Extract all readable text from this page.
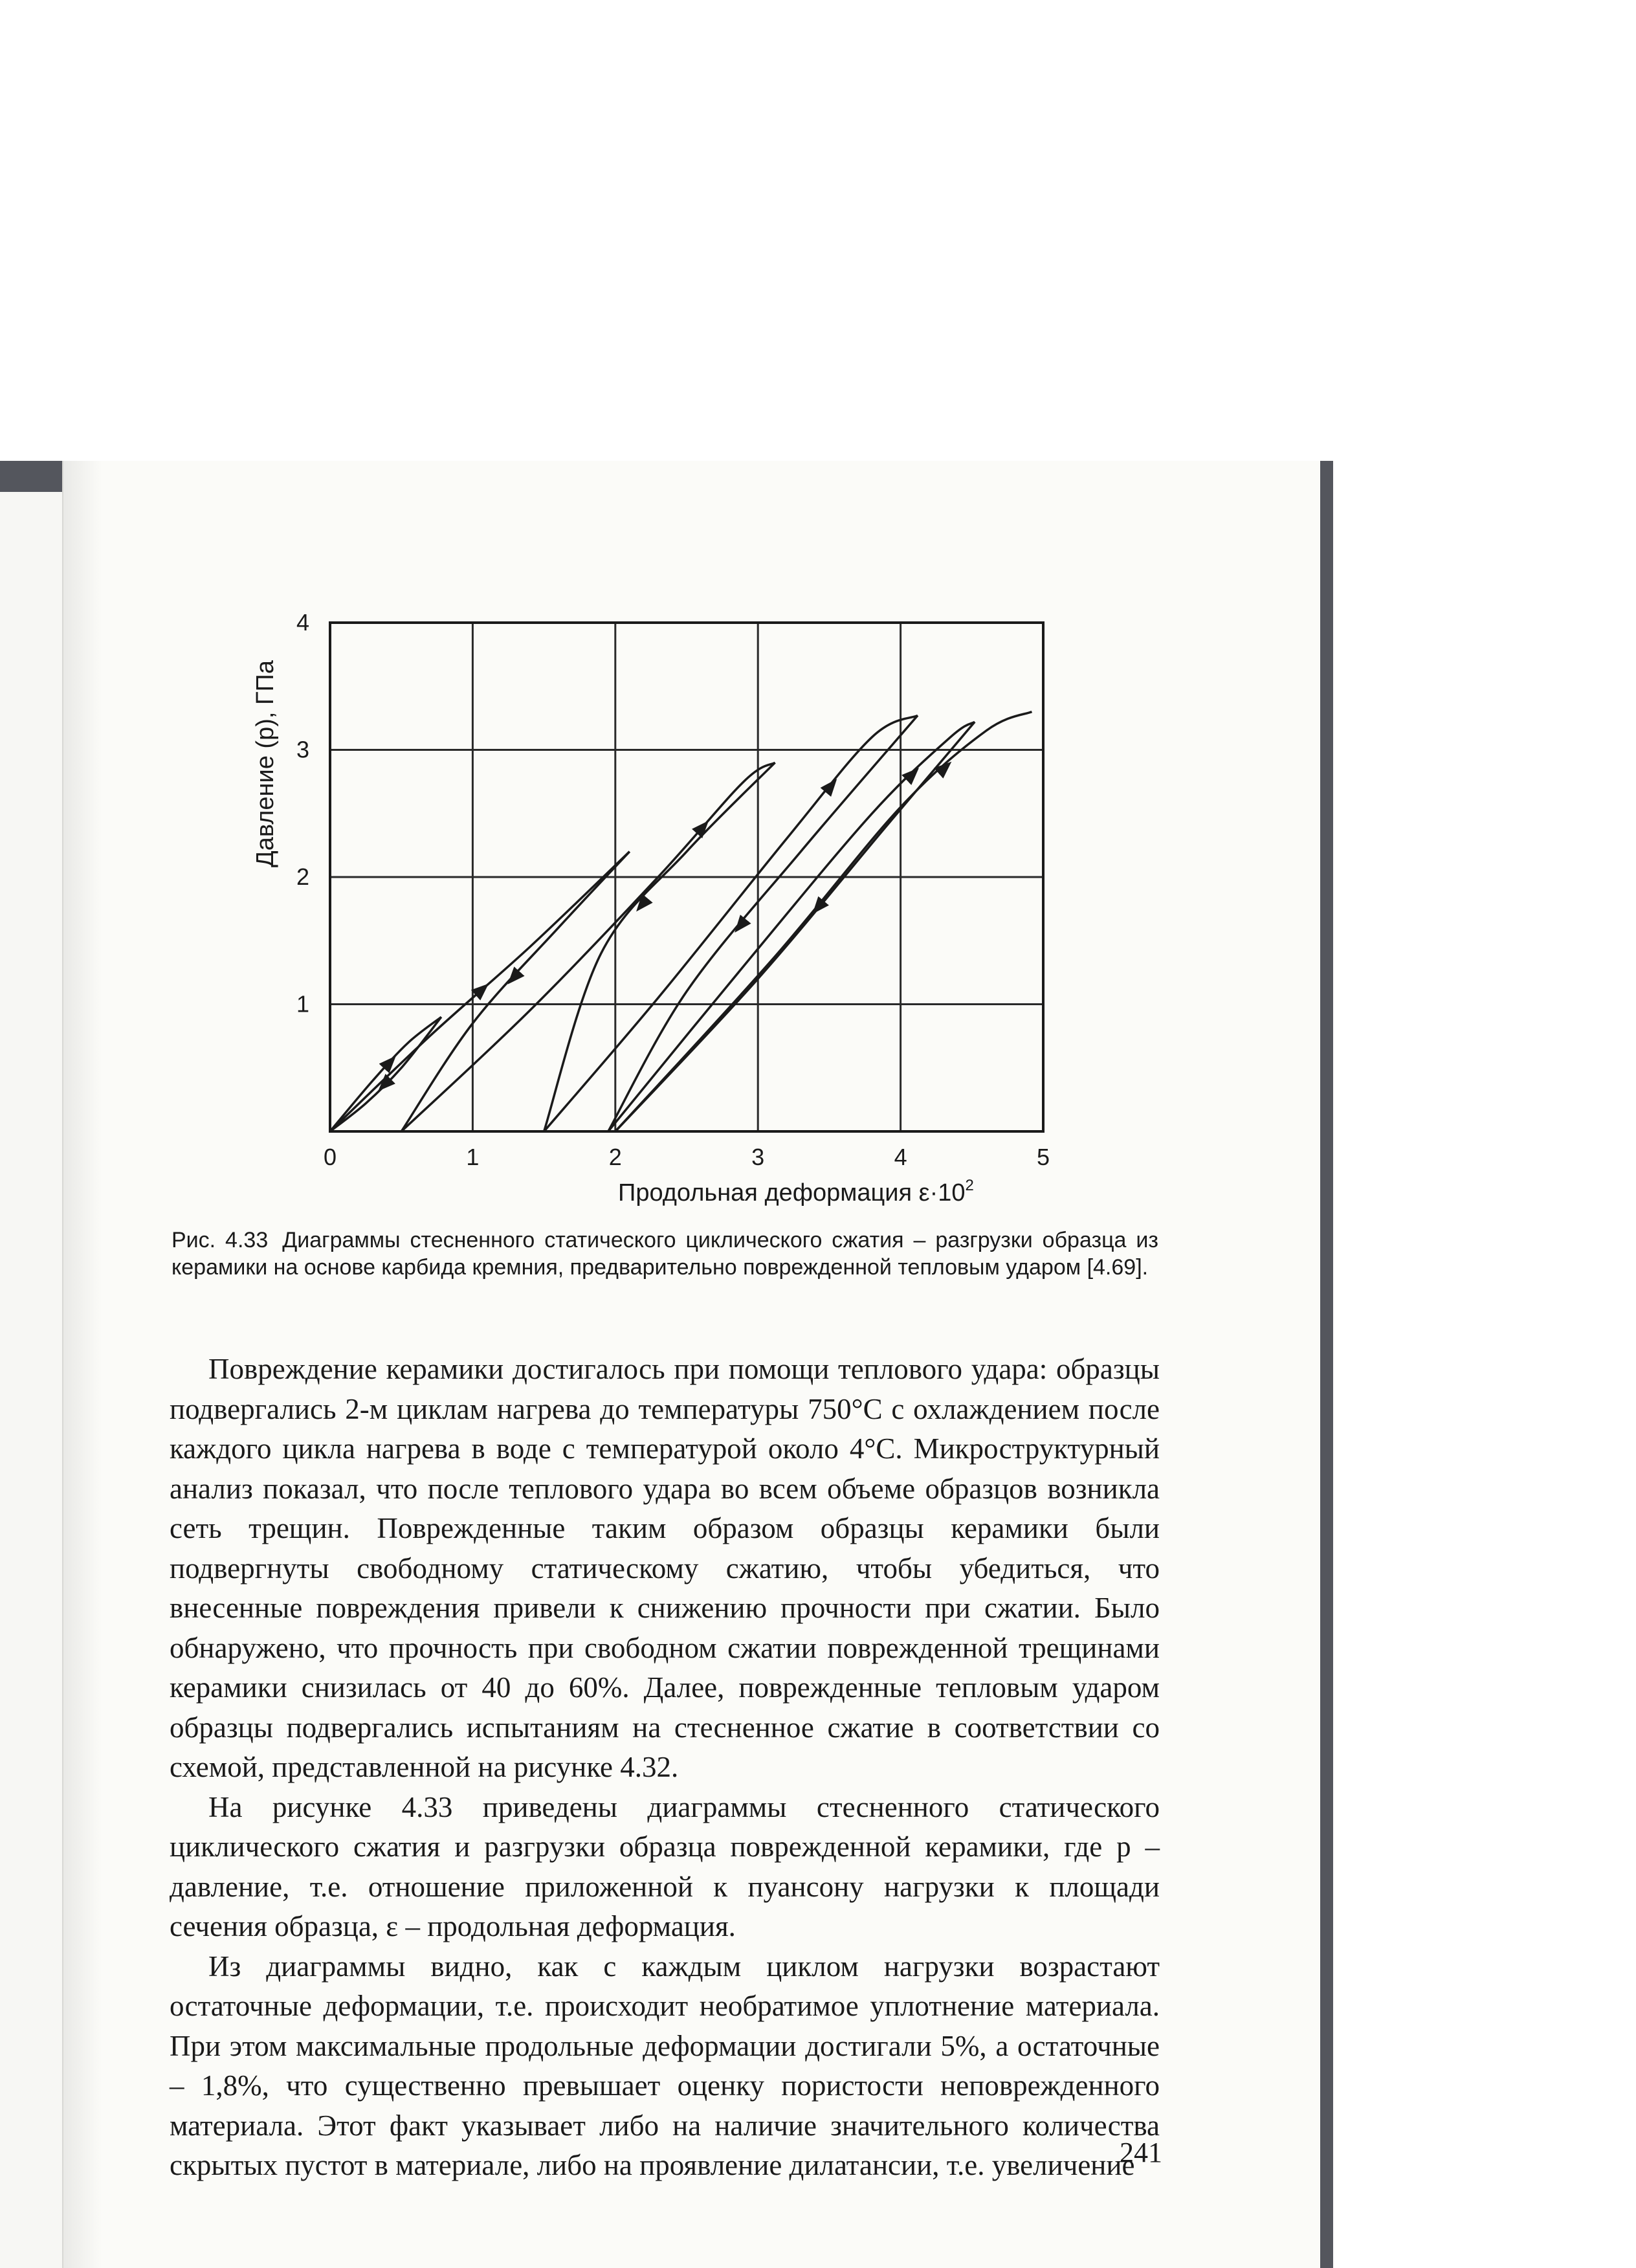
0	1	2	3	4	5
1
2
3
4
Давление (р), ГПа
Продольная деформация $\varepsilon\cdot 10^2$
Рис. 4.33 Диаграммы стесненного статического циклического сжатия – разгрузки образца из керамики на основе карбида кремния, предварительно поврежденной тепловым ударом [4.69].

Повреждение керамики достигалось при помощи теплового удара: образцы подвергались 2-м циклам нагрева до температуры 750°С с охлаждением после каждого цикла нагрева в воде с температурой около 4°С. Микроструктурный анализ показал, что после теплового удара во всем объеме образцов возникла сеть трещин. Поврежденные таким образом образцы керамики были подвергнуты свободному статическому сжатию, чтобы убедиться, что внесенные повреждения привели к снижению прочности при сжатии. Было обнаружено, что прочность при свободном сжатии поврежденной трещинами керамики снизилась от 40 до 60%. Далее, поврежденные тепловым ударом образцы подвергались испытаниям на стесненное сжатие в соответствии со схемой, представленной на рисунке 4.32.

На рисунке 4.33 приведены диаграммы стесненного статического циклического сжатия и разгрузки образца поврежденной керамики, где p – давление, т.е. отношение приложенной к пуансону нагрузки к площади сечения образца, ε – продольная деформация.

Из диаграммы видно, как с каждым циклом нагрузки возрастают остаточные деформации, т.е. происходит необратимое уплотнение материала. При этом максимальные продольные деформации достигали 5%, а остаточные – 1,8%, что существенно превышает оценку пористости неповрежденного материала. Этот факт указывает либо на наличие значительного количества скрытых пустот в материале, либо на проявление дилатансии, т.е. увеличение

241
